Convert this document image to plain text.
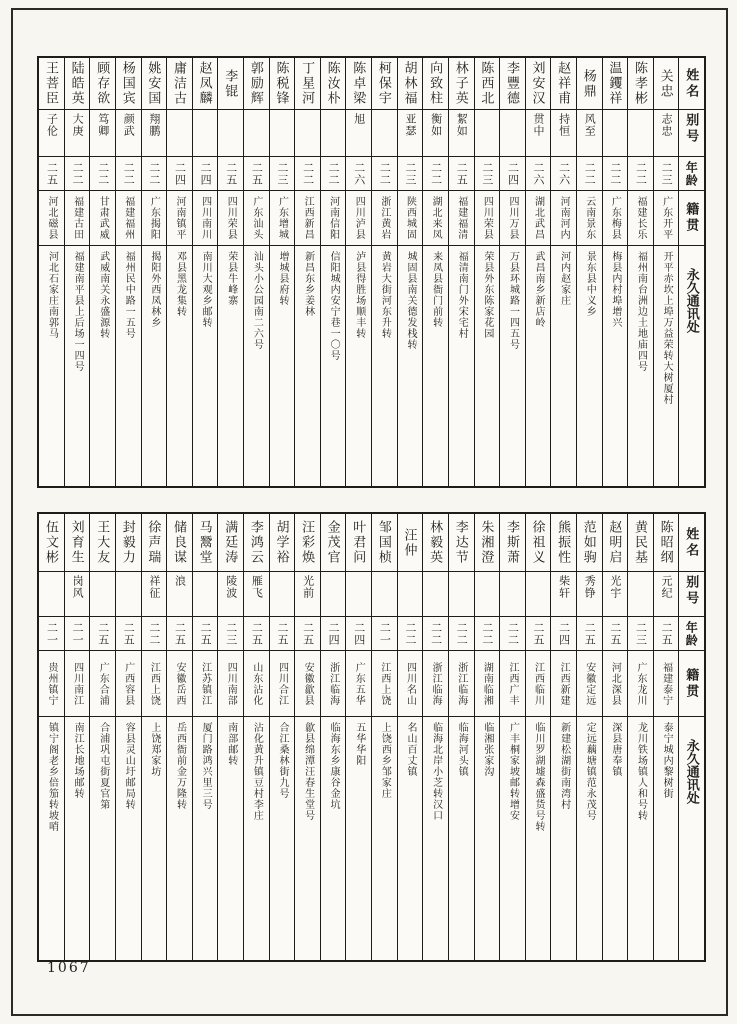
姓名
别号
年龄
籍贯
永久通讯处
关忠
志忠
二三
广东开平
开平赤坎上埠万益荣转大树厦村
陈孝彬
二二
福建长乐
福州南台洲边土地庙四号
温钁祥
二二
广东梅县
梅县内村埠增兴
杨鼎
风至
二二
云南景东
景东县中义乡
赵祥甫
持恒
二六
河南河内
河内赵家庄
刘安汉
贯中
二六
湖北武昌
武昌南乡新店岭
李豐德
二四
四川万县
万县环城路一四五号
陈西北
二三
四川荣县
荣县外东陈家花园
林子英
絜如
二五
福建福清
福清南门外宋宅村
向致柱
衡如
二二
湖北来凤
来凤县衙门前转
胡林福
亚瑟
二三
陕西城固
城固县南关德发栈转
柯保宇
二二
浙江黄岩
黄岩大街河东升转
陈卓梁
旭
二六
四川泸县
泸县得胜场顺丰转
陈汝朴
二二
河南信阳
信阳城内安宁巷一〇号
丁星河
二二
江西新昌
新昌东乡姜林
陈税锋
二三
广东增城
增城县府转
郭励辉
二五
广东汕头
汕头小公园南二六号
李锟
二五
四川荣县
荣县牛峰寨
赵凤麟
二四
四川南川
南川大观乡邮转
庸洁古
二四
河南镇平
邓县黑龙集转
姚安国
翔鹏
二二
广东揭阳
揭阳外西凤林乡
杨国宾
颜武
二二
福建福州
福州民中路一五号
顾存欲
笃卿
二二
甘肃武威
武威南关永盛源转
陆皓英
大庚
二二
福建古田
福建南平县上后场一四号
王菩臣
子伦
二五
河北磁县
河北石家庄南郭马
姓名
别号
年龄
籍贯
永久通讯处
陈昭纲
元纪
二五
福建泰宁
泰宁城内黎树街
黄民基
二三
广东龙川
龙川铁场镇人和号转
赵明启
光宇
二五
河北深县
深县唐奉镇
范如驹
秀铮
二五
安徽定远
定远藕塘镇范永茂号
熊振性
柴轩
二四
江西新建
新建松湖街南湾村
徐祖义
二五
江西临川
临川罗湖墟森盛货号转
李斯萧
二二
江西广丰
广丰桐家坡邮转增安
朱湘澄
二二
湖南临湘
临湘张家沟
李达节
二二
浙江临海
临海河头镇
林毅英
二二
浙江临海
临海北岸小芝转汉口
汪仲
二二
四川名山
名山百丈镇
邹国桢
二一
江西上饶
上饶西乡邹家庄
叶君问
二四
广东五华
五华华阳
金茂官
二四
浙江临海
临海东乡康谷金坑
汪彩焕
光前
二五
安徽歙县
歙县绵潭汪春生堂号
胡学裕
二五
四川合江
合江桑林街九号
李鸿云
雁飞
二五
山东沾化
沾化黄升镇豆村李庄
满廷涛
陵波
二三
四川南部
南部邮转
马鬵堂
二五
江苏镇江
厦门路鸿兴里三号
储良谋
浪
二五
安徽岳西
岳西衙前金万隆转
徐声瑞
祥征
二二
江西上饶
上饶郑家坊
封毅力
二五
广西容县
容县灵山圩邮局转
王大友
二五
广东合浦
合浦巩屯街夏官第
刘育生
岗风
二一
四川南江
南江长地场邮转
伍文彬
二一
贵州镇宁
镇宁阁老乡倍笳转坡哨
1067
